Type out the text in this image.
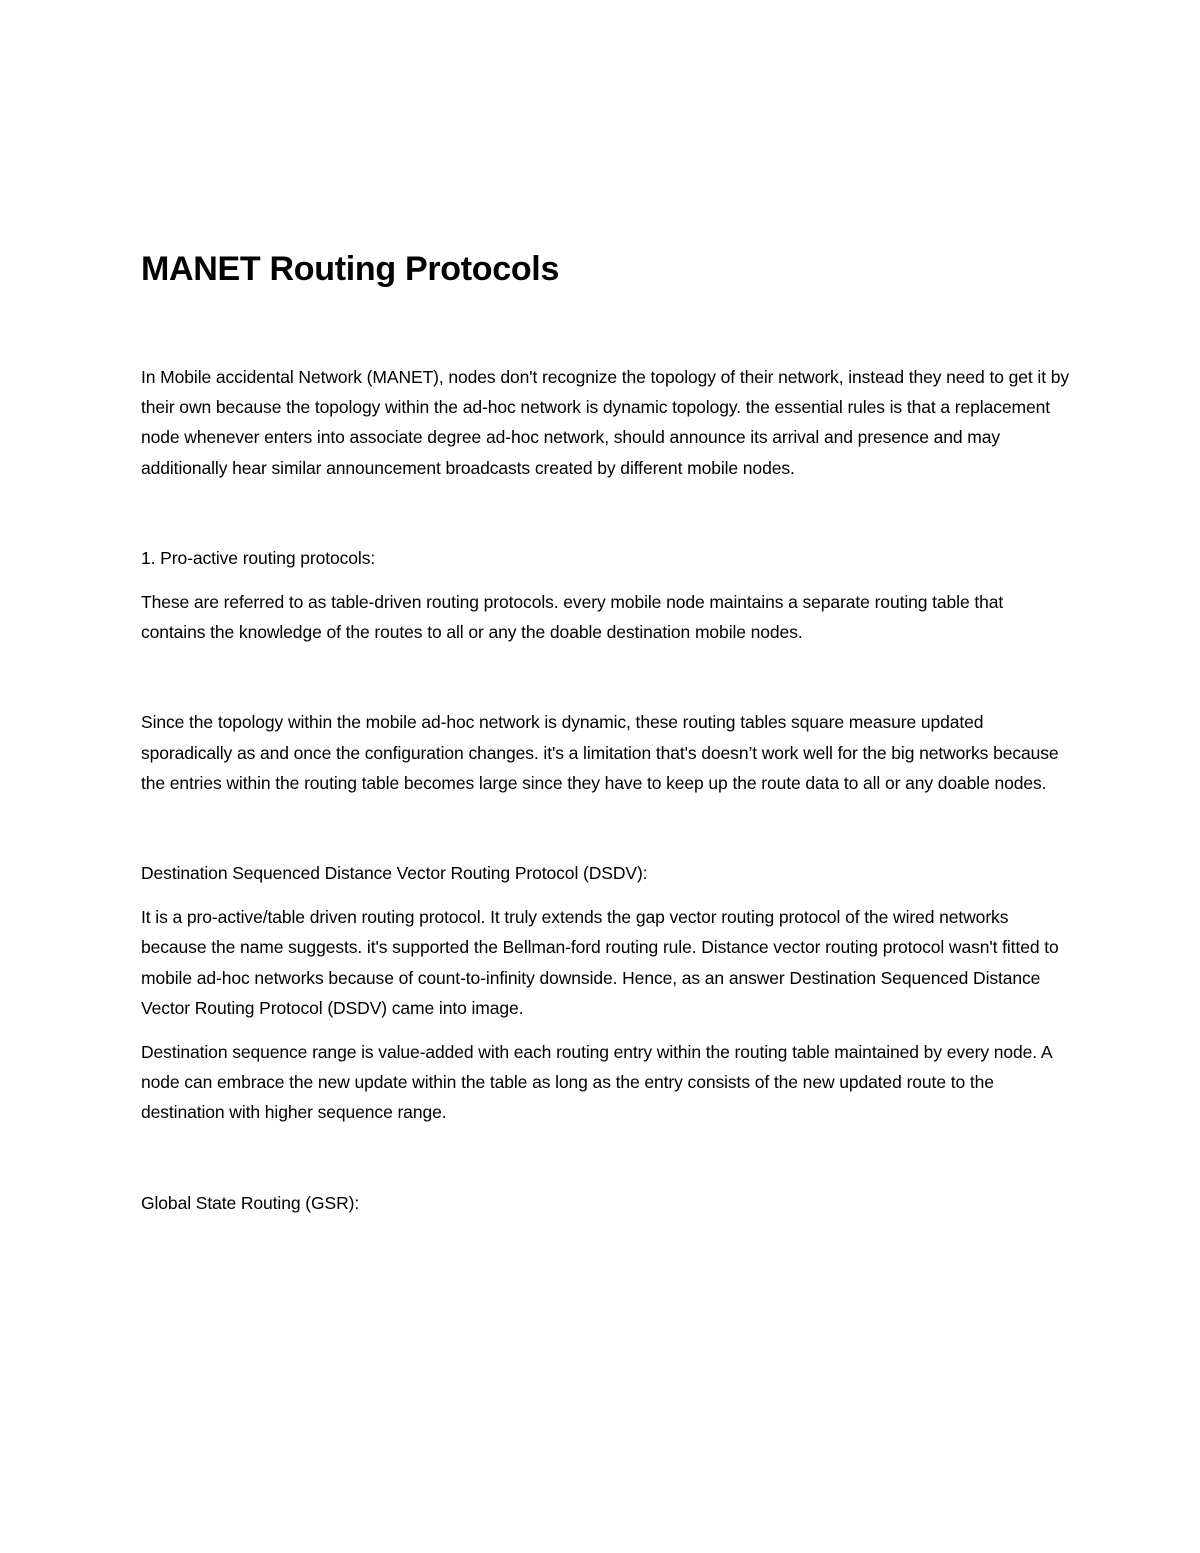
MANET Routing Protocols

In Mobile accidental Network (MANET), nodes don't recognize the topology of their network, instead they need to get it by their own because the topology within the ad-hoc network is dynamic topology. the essential rules is that a replacement node whenever enters into associate degree ad-hoc network, should announce its arrival and presence and may additionally hear similar announcement broadcasts created by different mobile nodes.

1. Pro-active routing protocols:

These are referred to as table-driven routing protocols. every mobile node maintains a separate routing table that contains the knowledge of the routes to all or any the doable destination mobile nodes.

Since the topology within the mobile ad-hoc network is dynamic, these routing tables square measure updated sporadically as and once the configuration changes. it's a limitation that's doesn’t work well for the big networks because the entries within the routing table becomes large since they have to keep up the route data to all or any doable nodes.

Destination Sequenced Distance Vector Routing Protocol (DSDV):

It is a pro-active/table driven routing protocol. It truly extends the gap vector routing protocol of the wired networks because the name suggests. it's supported the Bellman-ford routing rule. Distance vector routing protocol wasn't fitted to mobile ad-hoc networks because of count-to-infinity downside. Hence, as an answer Destination Sequenced Distance Vector Routing Protocol (DSDV) came into image.

Destination sequence range is value-added with each routing entry within the routing table maintained by every node. A node can embrace the new update within the table as long as the entry consists of the new updated route to the destination with higher sequence range.

Global State Routing (GSR):
